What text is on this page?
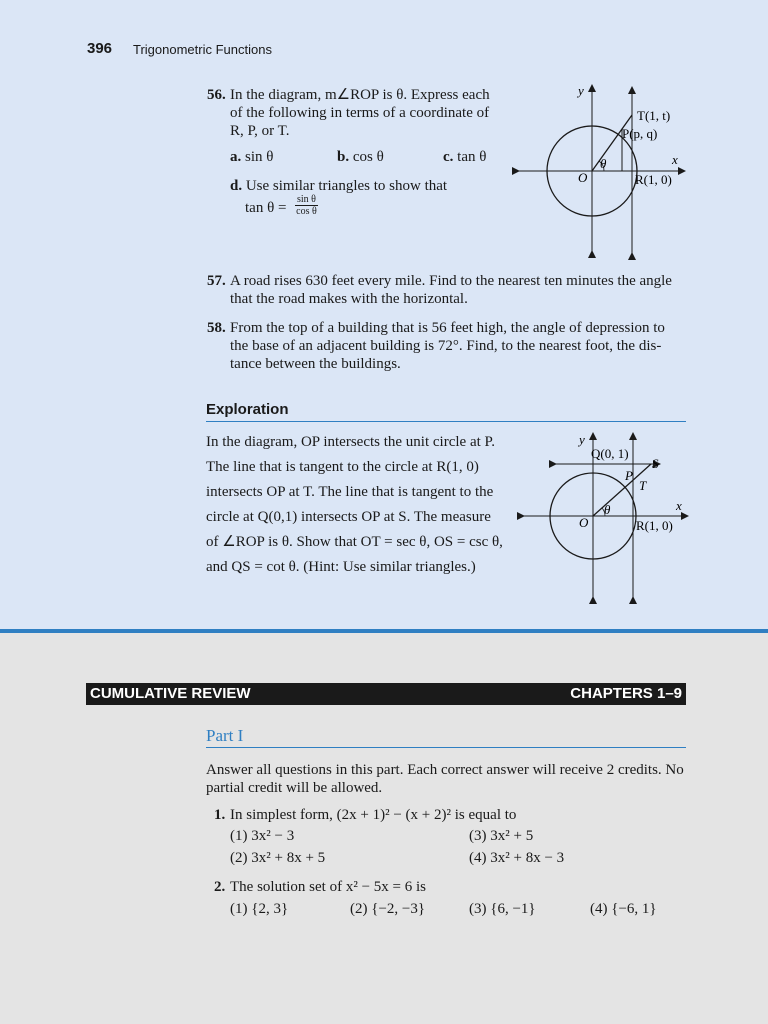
396 Trigonometric Functions
56. In the diagram, m∠ROP is θ. Express each
of the following in terms of a coordinate of
R, P, or T.
a. sin θ	b. cos θ	c. tan θ
d. Use similar triangles to show that
$\tan \theta = \frac{\text{sin θ}}{\text{cos θ}}$
y
x
O
θ
T(1, t)
P(p, q)
R(1, 0)
57. A road rises 630 feet every mile. Find to the nearest ten minutes the angle
that the road makes with the horizontal.
58. From the top of a building that is 56 feet high, the angle of depression to
the base of an adjacent building is 72°. Find, to the nearest foot, the dis-
tance between the buildings.
Exploration
In the diagram, OP intersects the unit circle at P.
The line that is tangent to the circle at R(1, 0)
intersects OP at T. The line that is tangent to the
circle at Q(0,1) intersects OP at S. The measure
of ∠ROP is θ. Show that OT = sec θ, OS = csc θ,
and QS = cot θ. (Hint: Use similar triangles.)
y
x
O
θ
Q(0, 1)
S
P
T
R(1, 0)
CUMULATIVE REVIEW	CHAPTERS 1–9
Part I
Answer all questions in this part. Each correct answer will receive 2 credits. No
partial credit will be allowed.
1. In simplest form, (2x + 1)² − (x + 2)² is equal to
(1) 3x² − 3	(3) 3x² + 5
(2) 3x² + 8x + 5	(4) 3x² + 8x − 3
2. The solution set of x² − 5x = 6 is
(1) {2, 3}	(2) {−2, −3}	(3) {6, −1}	(4) {−6, 1}
